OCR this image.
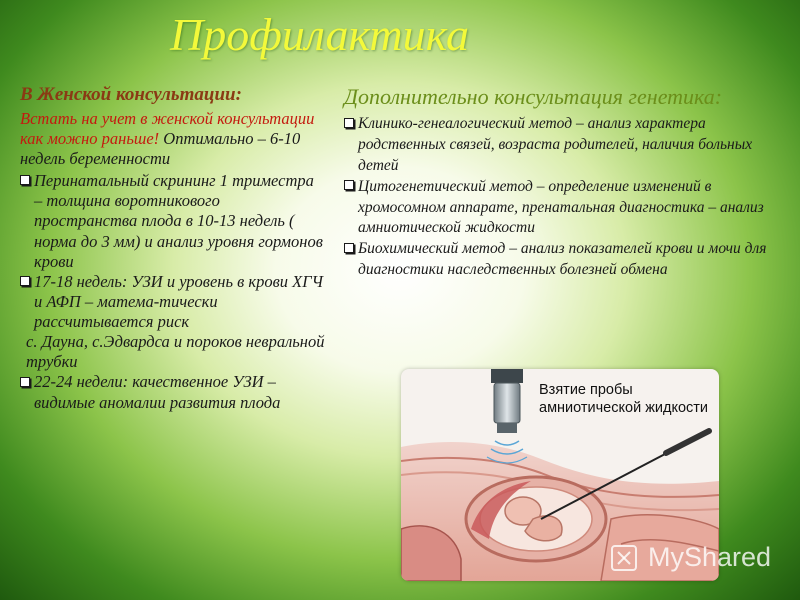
Профилактика
В Женской консультации:
Встать на учет в женской консультации как можно раньше! Оптимально – 6-10 недель беременности
Перинатальный скрининг 1 триместра – толщина воротникового пространства плода в 10-13 недель ( норма до 3 мм) и анализ уровня гормонов крови
17-18 недель: УЗИ и уровень в крови ХГЧ и АФП – матема-тически рассчитывается риск
с. Дауна, с.Эдвардса и пороков невральной трубки
22-24 недели: качественное УЗИ –видимые аномалии развития плода
Дополнительно консультация генетика:
Клинико-генеалогический метод – анализ характера родственных связей, возраста родителей, наличия больных детей
Цитогенетический метод – определение изменений в хромосомном аппарате, пренатальная диагностика – анализ амниотической жидкости
Биохимический метод – анализ показателей крови и мочи для диагностики наследственных болезней обмена
Взятие пробы амниотической жидкости
MyShared
